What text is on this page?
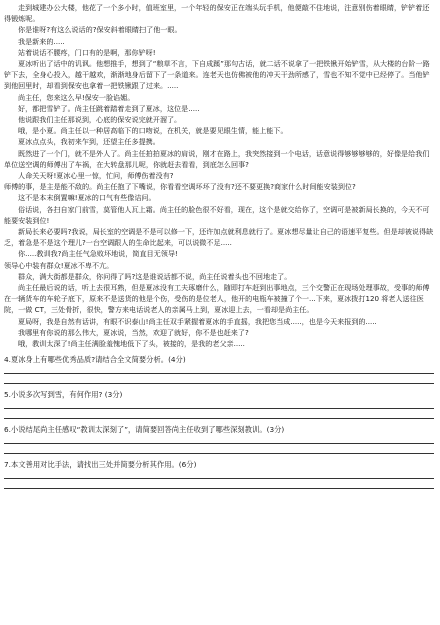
走到城建办公大楼，他花了一个多小时，值班室里，一个年轻的保安正在端头玩手机，他便敲不住地说，注意别伤着眼睛，铲铲着还得锻炼呢。

你是谁呀?有这么说话的?保安斜着眼睛扫了他一眼。

我是新来的.....

站着说话不腰疼，门口有的是啊，那你铲呀!

夏冰听出了话中的讥讽。他想推手，想到了“粮草不言，下自成蹊”那句古话，就二话不说拿了一把铁锹开始铲雪，从大楼的台阶一路铲下去，全身心投入，越干越欢，渐渐地身后留下了一条道来。连老天也仿佛被他的冲天干劲所感了，雪也不知不觉中已经停了。当他铲到他回里时，却看到保安也拿着一把铁锹跟了过来。.....

尚主任，您来这么早!保安一脸谄媚。

好，都把雪铲了。尚主任跳着踏着走到了夏冰，这位是.....

他说跟我们主任那说到，心底的保安说完就开溜了。

哦，是小夏。尚主任以一种居高临下的口吻说，在机关，就是要见眼生情，能上能下。

夏冰点点头，我初来乍到，还望主任多提携。

既然进了一个门，就不是外人了。尚主任拍拍夏冰的肩说，刚才在路上，我突然接到一个电话，话意说得够够够够的，好像是给我们单位送空调的师傅出了车祸，在大转盘那儿呢，你就赶去看看，到底怎么回事?

人命关天呀!夏冰心里一惊，忙问，师傅伤着没有?

师傅的事，是主是能不敌的。尚主任抱了下嘴说，你看看空调坏坏了没有?还不要更换?商家什么时间能安装到位?

这不是本末倒置嘛!夏冰的口气有些像诘问。

俗话说，各扫自家门前雪，莫管他人瓦上霜。尚主任的脸色很不好看，现在，这个是就交给你了，空调可是被新局长换的，今天不可能要安装到位!

新局长来必要吗?我说，局长室的空调是不是可以修一下，还许加点就利息就行了。夏冰想尽量让自己的语速平复些。但是却被说得缺乏，着急是不是这个理儿?一台空调跟人的生命比起来，可以说微不足.....

你.....教训我?尚主任气急败坏地说，简直目无领导!

领导心中装有群众!夏冰不卑不亢。

群众，满大街都是群众，你问得了吗?这是谁说话都不说，尚主任说着头也不回地走了。

尚主任最后说的话，听上去很耳熟，但是夏冰没有工夫琢磨什么，随即打车赶到出事地点，三个交警正在现场处理事故，受事的师傅在一辆货车的车轮子底下，原来不是送货的他是个伤，受伤的是位老人，他开的电瓶车被撞了个一...下来，夏冰拨打120 将老人送往医院，一做 CT，三处骨折，很快，警方来电话说老人的亲属马上到，夏冰迎上去，一看却是尚主任。

夏局呀，我是自然有话讲，有眼不识泰山!尚主任双手紧握着夏冰的手直摇，我把您当成.....，也是今天来报到的.....

我哪里有你说的那么伟大，夏冰说，当然，欢迎了就好，你不是也赶来了?

哦，教训太深了!尚主任满脸羞愧地低下了头，被接的，是我的老父亲.....

4.夏冰身上有哪些优秀品质?请结合全文简要分析。(4分)

5.小说多次写到雪，有何作用? (3分)

6.小说结尾尚主任感叹“教训太深刻了”，请简要回答尚主任收到了哪些深刻教训。(3分)

7.本文善用对比手法，请找出三处并简要分析其作用。(6分)
